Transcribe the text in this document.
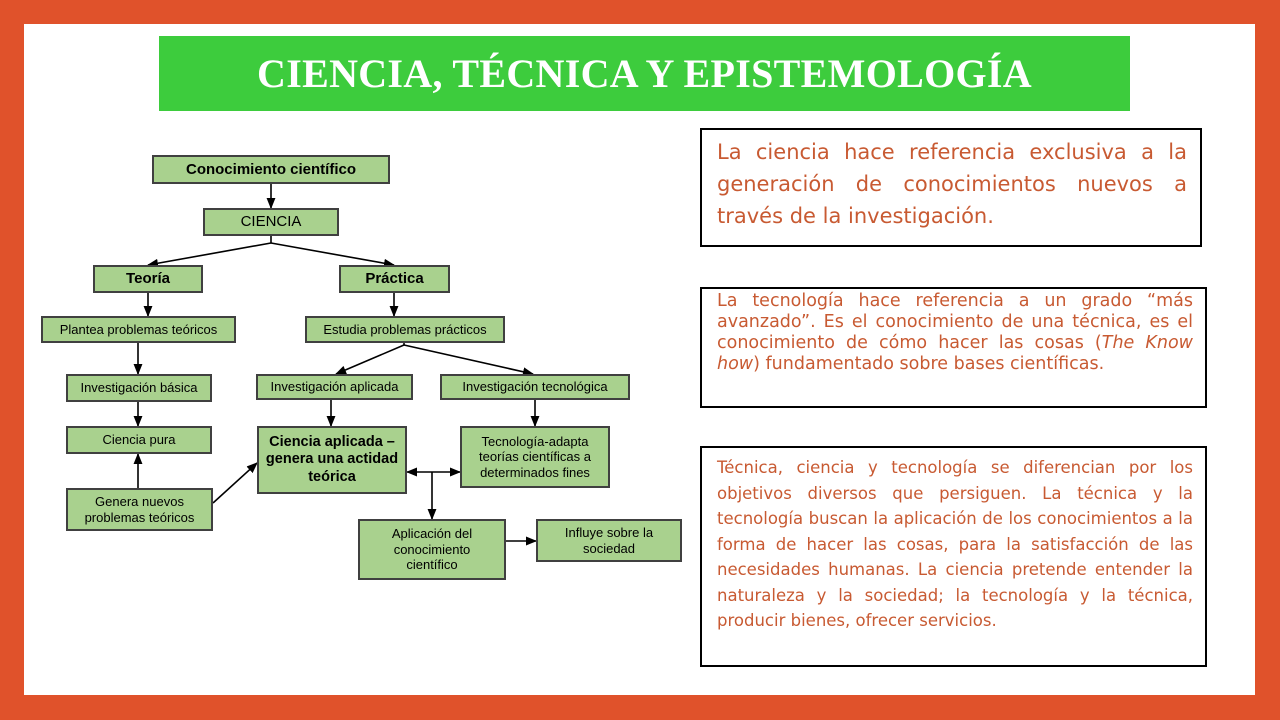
CIENCIA, TÉCNICA Y EPISTEMOLOGÍA
Conocimiento científico
CIENCIA
Teoría	Práctica
Plantea problemas teóricos	Estudia problemas prácticos
Investigación básica	Investigación aplicada	Investigación tecnológica
Ciencia pura	Ciencia aplicada – genera una actidad teórica
Tecnología-adapta teorías científicas a determinados fines
Genera nuevos problemas teóricos
Aplicación del conocimiento científico
Influye sobre la sociedad

La ciencia hace referencia exclusiva a la generación de conocimientos nuevos a través de la investigación.

La tecnología hace referencia a un grado “más avanzado”. Es el conocimiento de una técnica, es el conocimiento de cómo hacer las cosas (The Know how) fundamentado sobre bases científicas.

Técnica, ciencia y tecnología se diferencian por los objetivos diversos que persiguen. La técnica y la tecnología buscan la aplicación de los conocimientos a la forma de hacer las cosas, para la satisfacción de las necesidades humanas. La ciencia pretende entender la naturaleza y la sociedad; la tecnología y la técnica, producir bienes, ofrecer servicios.
